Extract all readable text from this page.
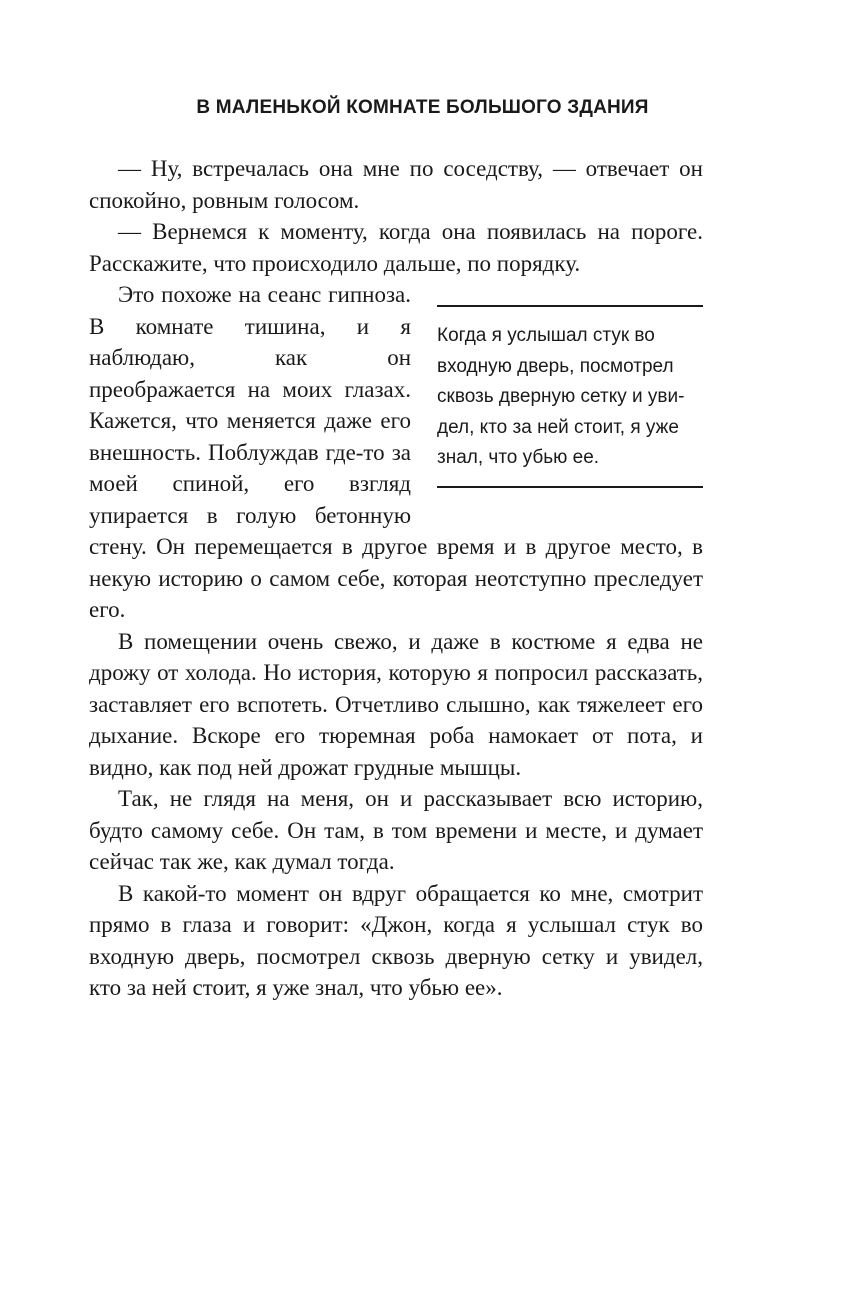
В МАЛЕНЬКОЙ КОМНАТЕ БОЛЬШОГО ЗДАНИЯ

— Ну, встречалась она мне по соседству, — отвечает он спокойно, ровным голосом.

— Вернемся к моменту, когда она появилась на пороге. Расскажите, что происходило дальше, по порядку.

Когда я услышал стук во входную дверь, посмотрел сквозь дверную сетку и увидел, кто за ней стоит, я уже знал, что убью ее.
Это похоже на сеанс гипноза. В комнате тишина, и я наблюдаю, как он преображается на моих глазах. Кажется, что меняется даже его внешность. Поблуждав где-то за моей спиной, его взгляд упирается в голую бетонную стену. Он перемещается в другое время и в другое место, в некую историю о самом себе, которая неотступно преследует его.

В помещении очень свежо, и даже в костюме я едва не дрожу от холода. Но история, которую я попросил рассказать, заставляет его вспотеть. Отчетливо слышно, как тяжелеет его дыхание. Вскоре его тюремная роба намокает от пота, и видно, как под ней дрожат грудные мышцы.

Так, не глядя на меня, он и рассказывает всю историю, будто самому себе. Он там, в том времени и месте, и думает сейчас так же, как думал тогда.

В какой-то момент он вдруг обращается ко мне, смотрит прямо в глаза и говорит: «Джон, когда я услышал стук во входную дверь, посмотрел сквозь дверную сетку и увидел, кто за ней стоит, я уже знал, что убью ее».
